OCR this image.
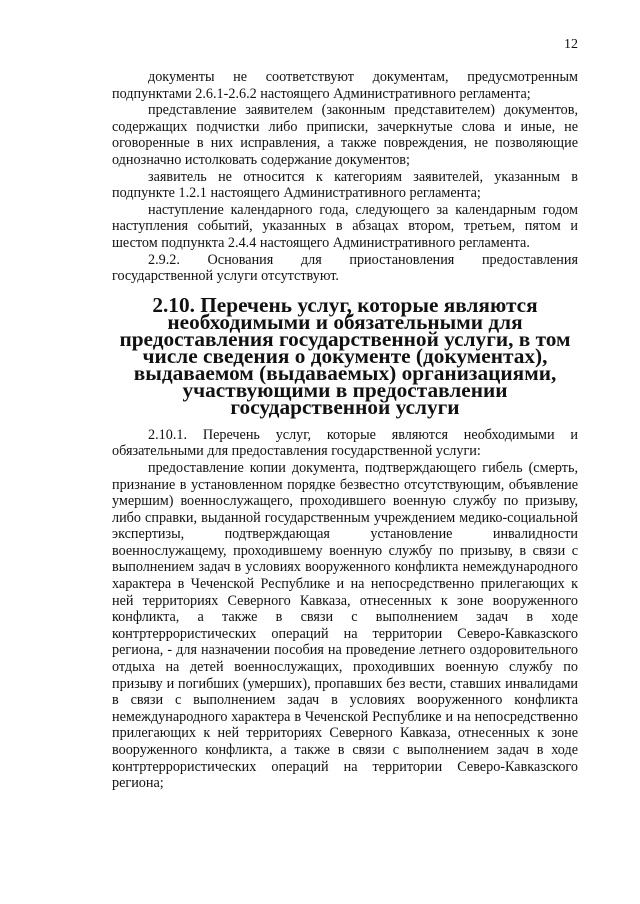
12

документы не соответствуют документам, предусмотренным подпунктами 2.6.1-2.6.2 настоящего Административного регламента;

представление заявителем (законным представителем) документов, содержащих подчистки либо приписки, зачеркнутые слова и иные, не оговоренные в них исправления, а также повреждения, не позволяющие однозначно истолковать содержание документов;

заявитель не относится к категориям заявителей, указанным в подпункте 1.2.1 настоящего Административного регламента;

наступление календарного года, следующего за календарным годом наступления событий, указанных в абзацах втором, третьем, пятом и шестом подпункта 2.4.4 настоящего Административного регламента.

2.9.2. Основания для приостановления предоставления государственной услуги отсутствуют.

2.10. Перечень услуг, которые являются необходимыми и обязательными для предоставления государственной услуги, в том числе сведения о документе (документах), выдаваемом (выдаваемых) организациями, участвующими в предоставлении государственной услуги

2.10.1. Перечень услуг, которые являются необходимыми и обязательными для предоставления государственной услуги:

предоставление копии документа, подтверждающего гибель (смерть, признание в установленном порядке безвестно отсутствующим, объявление умершим) военнослужащего, проходившего военную службу по призыву, либо справки, выданной государственным учреждением медико-социальной экспертизы, подтверждающая установление инвалидности военнослужащему, проходившему военную службу по призыву, в связи с выполнением задач в условиях вооруженного конфликта немеждународного характера в Чеченской Республике и на непосредственно прилегающих к ней территориях Северного Кавказа, отнесенных к зоне вооруженного конфликта, а также в связи с выполнением задач в ходе контртеррористических операций на территории Северо-Кавказского региона, - для назначении пособия на проведение летнего оздоровительного отдыха на детей военнослужащих, проходивших военную службу по призыву и погибших (умерших), пропавших без вести, ставших инвалидами в связи с выполнением задач в условиях вооруженного конфликта немеждународного характера в Чеченской Республике и на непосредственно прилегающих к ней территориях Северного Кавказа, отнесенных к зоне вооруженного конфликта, а также в связи с выполнением задач в ходе контртеррористических операций на территории Северо-Кавказского региона;
